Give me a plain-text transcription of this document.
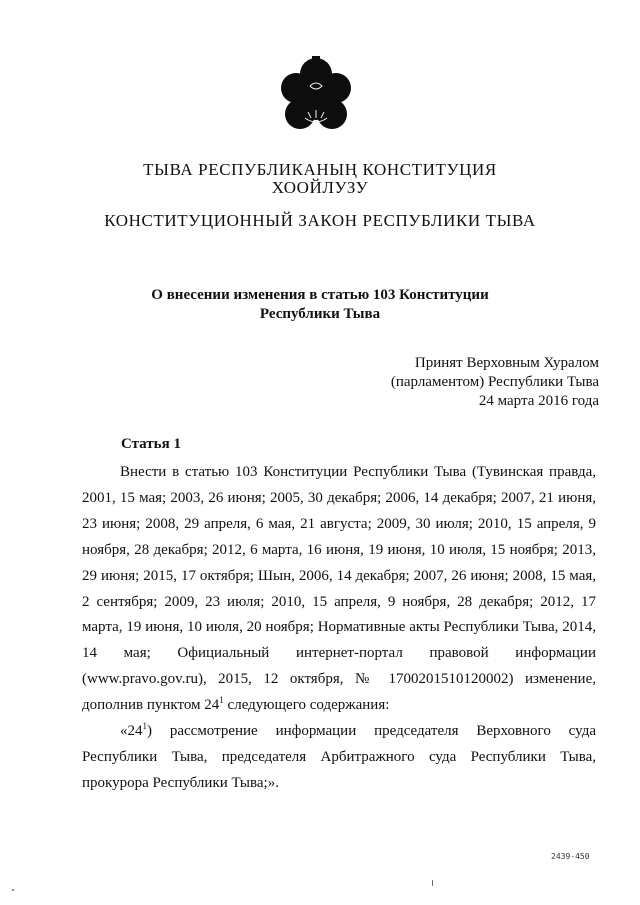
ТЫВА РЕСПУБЛИКАНЫҢ КОНСТИТУЦИЯ
ХООЙЛУЗУ
КОНСТИТУЦИОННЫЙ ЗАКОН РЕСПУБЛИКИ ТЫВА
О внесении изменения в статью 103 Конституции
Республики Тыва
Принят Верховным Хуралом
(парламентом) Республики Тыва
24 марта 2016 года
Статья 1

Внести в статью 103 Конституции Республики Тыва (Тувинская правда, 2001, 15 мая; 2003, 26 июня; 2005, 30 декабря; 2006, 14 декабря; 2007, 21 июня, 23 июня; 2008, 29 апреля, 6 мая, 21 августа; 2009, 30 июля; 2010, 15 апреля, 9 ноября, 28 декабря; 2012, 6 марта, 16 июня, 19 июня, 10 июля, 15 ноября; 2013, 29 июня; 2015, 17 октября; Шын, 2006, 14 декабря; 2007, 26 июня; 2008, 15 мая, 2 сентября; 2009, 23 июля; 2010, 15 апреля, 9 ноября, 28 декабря; 2012, 17 марта, 19 июня, 10 июля, 20 ноября; Нормативные акты Республики Тыва, 2014, 14 мая; Официальный интернет-портал правовой информации (www.pravo.gov.ru), 2015, 12 октября, № 1700201510120002) изменение, дополнив пунктом $24^1$ следующего содержания:

«$24^1$) рассмотрение информации председателя Верховного суда Республики Тыва, председателя Арбитражного суда Республики Тыва, прокурора Республики Тыва;».

2439-450
